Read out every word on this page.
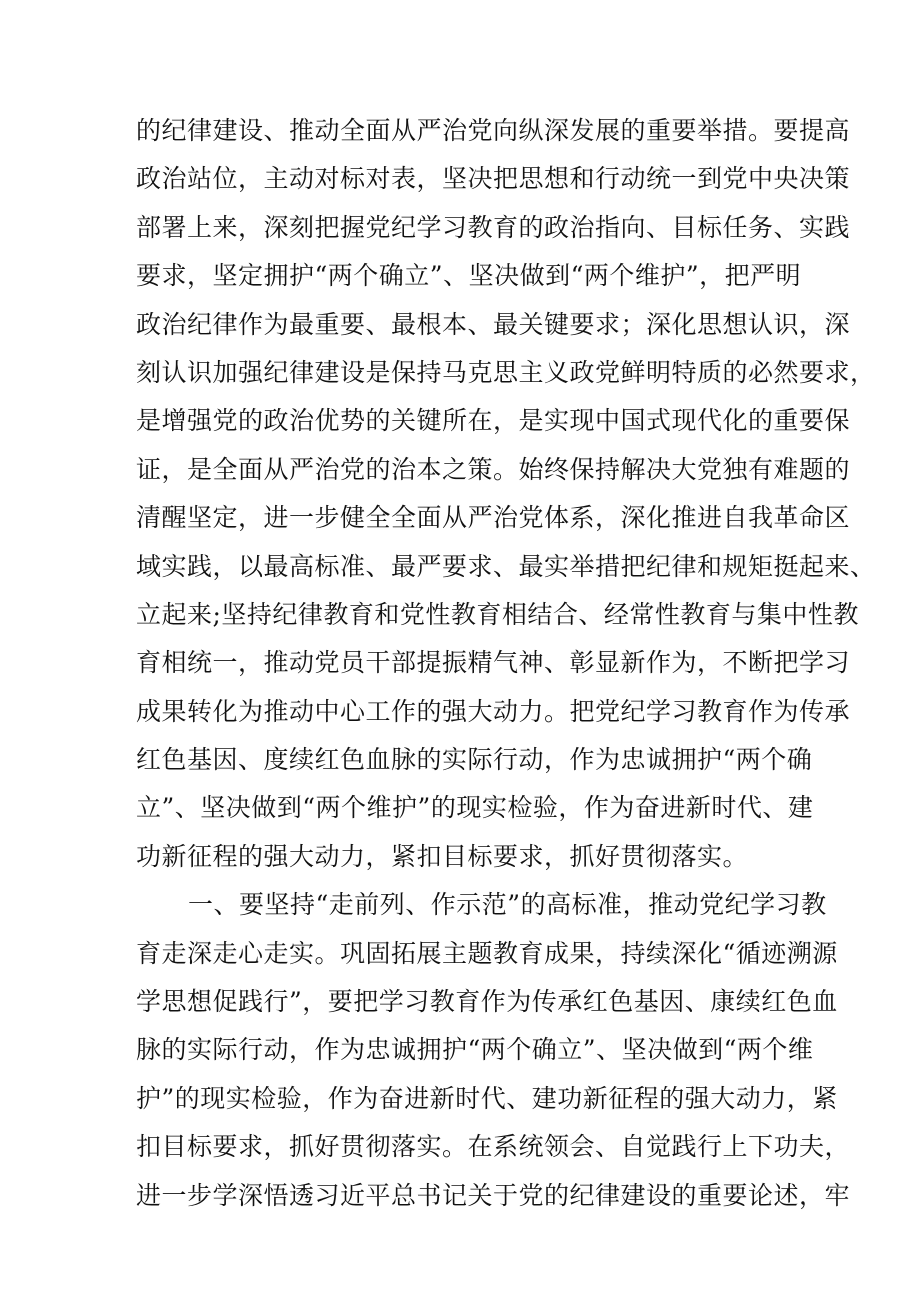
的纪律建设、推动全面从严治党向纵深发展的重要举措。要提高
政治站位，主动对标对表，坚决把思想和行动统一到党中央决策
部署上来，深刻把握党纪学习教育的政治指向、目标任务、实践
要求，坚定拥护“两个确立”、坚决做到“两个维护”，把严明
政治纪律作为最重要、最根本、最关键要求；深化思想认识，深
刻认识加强纪律建设是保持马克思主义政党鲜明特质的必然要求，
是增强党的政治优势的关键所在，是实现中国式现代化的重要保
证，是全面从严治党的治本之策。始终保持解决大党独有难题的
清醒坚定，进一步健全全面从严治党体系，深化推进自我革命区
域实践，以最高标准、最严要求、最实举措把纪律和规矩挺起来、
立起来;坚持纪律教育和党性教育相结合、经常性教育与集中性教
育相统一，推动党员干部提振精气神、彰显新作为，不断把学习
成果转化为推动中心工作的强大动力。把党纪学习教育作为传承
红色基因、度续红色血脉的实际行动，作为忠诚拥护“两个确
立”、坚决做到“两个维护”的现实检验，作为奋进新时代、建
功新征程的强大动力，紧扣目标要求，抓好贯彻落实。
一、要坚持“走前列、作示范”的高标准，推动党纪学习教
育走深走心走实。巩固拓展主题教育成果，持续深化“循迹溯源
学思想促践行”，要把学习教育作为传承红色基因、康续红色血
脉的实际行动，作为忠诚拥护“两个确立”、坚决做到“两个维
护”的现实检验，作为奋进新时代、建功新征程的强大动力，紧
扣目标要求，抓好贯彻落实。在系统领会、自觉践行上下功夫，
进一步学深悟透习近平总书记关于党的纪律建设的重要论述，牢
